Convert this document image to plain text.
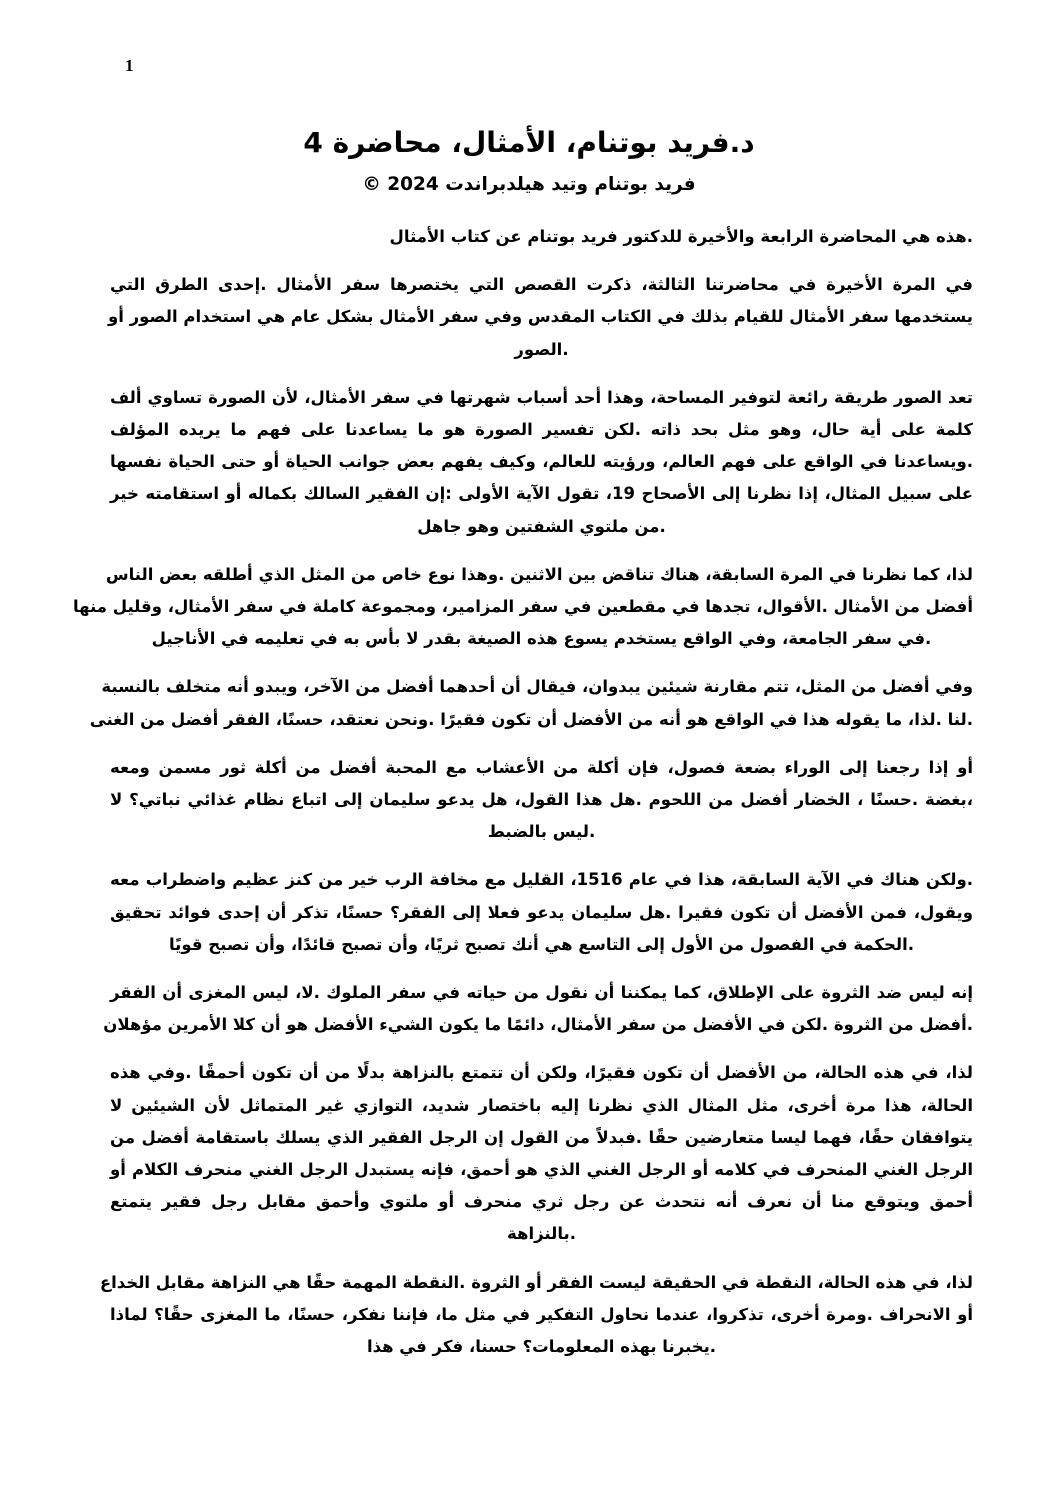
1
د.فريد بوتنام، الأمثال، محاضرة 4
فريد بوتنام وتيد هيلدبراندت 2024 ©
.هذه هي المحاضرة الرابعة والأخيرة للدكتور فريد بوتنام عن كتاب الأمثال
في المرة الأخيرة في محاضرتنا الثالثة، ذكرت القصص التي يختصرها سفر الأمثال .إحدى الطرق التي
يستخدمها سفر الأمثال للقيام بذلك في الكتاب المقدس وفي سفر الأمثال بشكل عام هي استخدام الصور أو
.الصور
تعد الصور طريقة رائعة لتوفير المساحة، وهذا أحد أسباب شهرتها في سفر الأمثال، لأن الصورة تساوي ألف
كلمة على أية حال، وهو مثل بحد ذاته .لكن تفسير الصورة هو ما يساعدنا على فهم ما يريده المؤلف
.ويساعدنا في الواقع على فهم العالم، ورؤيته للعالم، وكيف يفهم بعض جوانب الحياة أو حتى الحياة نفسها
على سبيل المثال، إذا نظرنا إلى الأصحاح 19، تقول الآية الأولى :إن الفقير السالك بكماله أو استقامته خير
.من ملتوي الشفتين وهو جاهل
لذا، كما نظرنا في المرة السابقة، هناك تناقض بين الاثنين .وهذا نوع خاص من المثل الذي أطلقه بعض الناس
أفضل من الأمثال .الأقوال، تجدها في مقطعين في سفر المزامير، ومجموعة كاملة في سفر الأمثال، وقليل منها
.في سفر الجامعة، وفي الواقع يستخدم يسوع هذه الصيغة بقدر لا بأس به في تعليمه في الأناجيل
وفي أفضل من المثل، تتم مقارنة شيئين يبدوان، فيقال أن أحدهما أفضل من الآخر، ويبدو أنه متخلف بالنسبة
.لنا .لذا، ما يقوله هذا في الواقع هو أنه من الأفضل أن تكون فقيرًا .ونحن نعتقد، حسنًا، الفقر أفضل من الغنى
أو إذا رجعنا إلى الوراء بضعة فصول، فإن أكلة من الأعشاب مع المحبة أفضل من أكلة ثور مسمن ومعه
،بغضة .حسنًا ، الخضار أفضل من اللحوم .هل هذا القول، هل يدعو سليمان إلى اتباع نظام غذائي نباتي؟ لا
.ليس بالضبط
.ولكن هناك في الآية السابقة، هذا في عام 1516، القليل مع مخافة الرب خير من كنز عظيم واضطراب معه
ويقول، فمن الأفضل أن تكون فقيرا .هل سليمان يدعو فعلا إلى الفقر؟ حسنًا، تذكر أن إحدى فوائد تحقيق
.الحكمة في الفصول من الأول إلى التاسع هي أنك تصبح ثريًا، وأن تصبح قائدًا، وأن تصبح قويًا
إنه ليس ضد الثروة على الإطلاق، كما يمكننا أن نقول من حياته في سفر الملوك .لا، ليس المغزى أن الفقر
.أفضل من الثروة .لكن في الأفضل من سفر الأمثال، دائمًا ما يكون الشيء الأفضل هو أن كلا الأمرين مؤهلان
لذا، في هذه الحالة، من الأفضل أن تكون فقيرًا، ولكن أن تتمتع بالنزاهة بدلًا من أن تكون أحمقًا .وفي هذه
الحالة، هذا مرة أخرى، مثل المثال الذي نظرنا إليه باختصار شديد، التوازي غير المتماثل لأن الشيئين لا
يتوافقان حقًا، فهما ليسا متعارضين حقًا .فبدلاً من القول إن الرجل الفقير الذي يسلك باستقامة أفضل من
الرجل الغني المنحرف في كلامه أو الرجل الغني الذي هو أحمق، فإنه يستبدل الرجل الغني منحرف الكلام أو
أحمق ويتوقع منا أن نعرف أنه نتحدث عن رجل ثري منحرف أو ملتوي وأحمق مقابل رجل فقير يتمتع
.بالنزاهة
لذا، في هذه الحالة، النقطة في الحقيقة ليست الفقر أو الثروة .النقطة المهمة حقًا هي النزاهة مقابل الخداع
أو الانحراف .ومرة أخرى، تذكروا، عندما نحاول التفكير في مثل ما، فإننا نفكر، حسنًا، ما المغزى حقًا؟ لماذا
.يخبرنا بهذه المعلومات؟ حسنا، فكر في هذا
